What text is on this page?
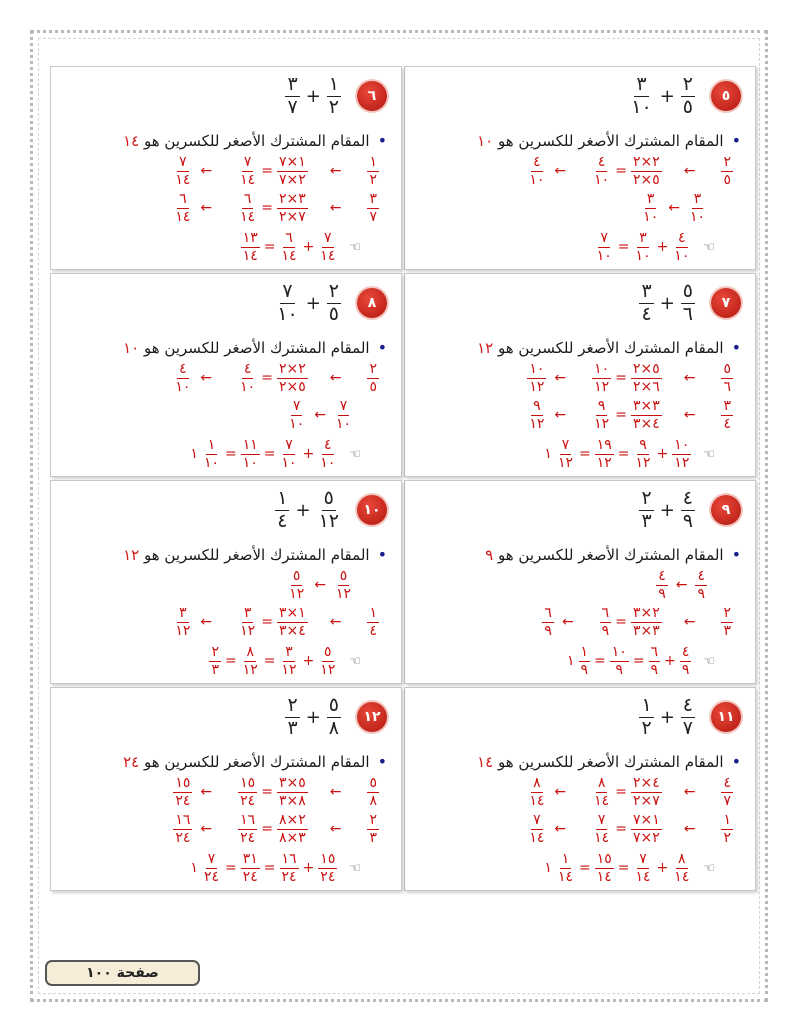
٥
٣
١٠ +
٢
٥
• المقام المشترك الأصغر للكسرين هو ١٠
٤
١٠
←
٤
١٠
=
٢×٢
٥×٢
←
٢
٥
٣
١٠
←
٣
١٠
٧
١٠
=
٣
١٠
+
٤
١٠
☜
٦
٣
٧ +
١
٢
• المقام المشترك الأصغر للكسرين هو ١٤
٧
١٤
←
٧
١٤
=
١×٧
٢×٧
←
١
٢
٦
١٤
←
٦
١٤
=
٣×٢
٧×٢
←
٣
٧
١٣
١٤
=
٦
١٤
+
٧
١٤
☜
٧
٣
٤ +
٥
٦
• المقام المشترك الأصغر للكسرين هو ١٢
١٠
١٢
←
١٠
١٢
=
٥×٢
٦×٢
←
٥
٦
٩
١٢
←
٩
١٢
=
٣×٣
٤×٣
←
٣
٤
١
٧
١٢
=
١٩
١٢
=
٩
١٢
+
١٠
١٢
☜
٨
٧
١٠ +
٢
٥
• المقام المشترك الأصغر للكسرين هو ١٠
٤
١٠
←
٤
١٠
=
٢×٢
٥×٢
←
٢
٥
٧
١٠
←
٧
١٠
١
١
١٠
=
١١
١٠
=
٧
١٠
+
٤
١٠
☜
٩
٢
٣ +
٤
٩
• المقام المشترك الأصغر للكسرين هو ٩
٤
٩
←
٤
٩
٦
٩
←
٦
٩
=
٢×٣
٣×٣
←
٢
٣
١
١
٩
=
١٠
٩
=
٦
٩
+
٤
٩
☜
١٠
١
٤ +
٥
١٢
• المقام المشترك الأصغر للكسرين هو ١٢
٥
١٢
←
٥
١٢
٣
١٢
←
٣
١٢
=
١×٣
٤×٣
←
١
٤
٢
٣
=
٨
١٢
=
٣
١٢
+
٥
١٢
☜
١١
١
٢ +
٤
٧
• المقام المشترك الأصغر للكسرين هو ١٤
٨
١٤
←
٨
١٤
=
٤×٢
٧×٢
←
٤
٧
٧
١٤
←
٧
١٤
=
١×٧
٢×٧
←
١
٢
١
١
١٤
=
١٥
١٤
=
٧
١٤
+
٨
١٤
☜
١٢
٢
٣ +
٥
٨
• المقام المشترك الأصغر للكسرين هو ٢٤
١٥
٢٤
←
١٥
٢٤
=
٥×٣
٨×٣
←
٥
٨
١٦
٢٤
←
١٦
٢٤
=
٢×٨
٣×٨
←
٢
٣
١
٧
٢٤
=
٣١
٢٤
=
١٦
٢٤
+
١٥
٢٤
☜
صفحة ١٠٠
